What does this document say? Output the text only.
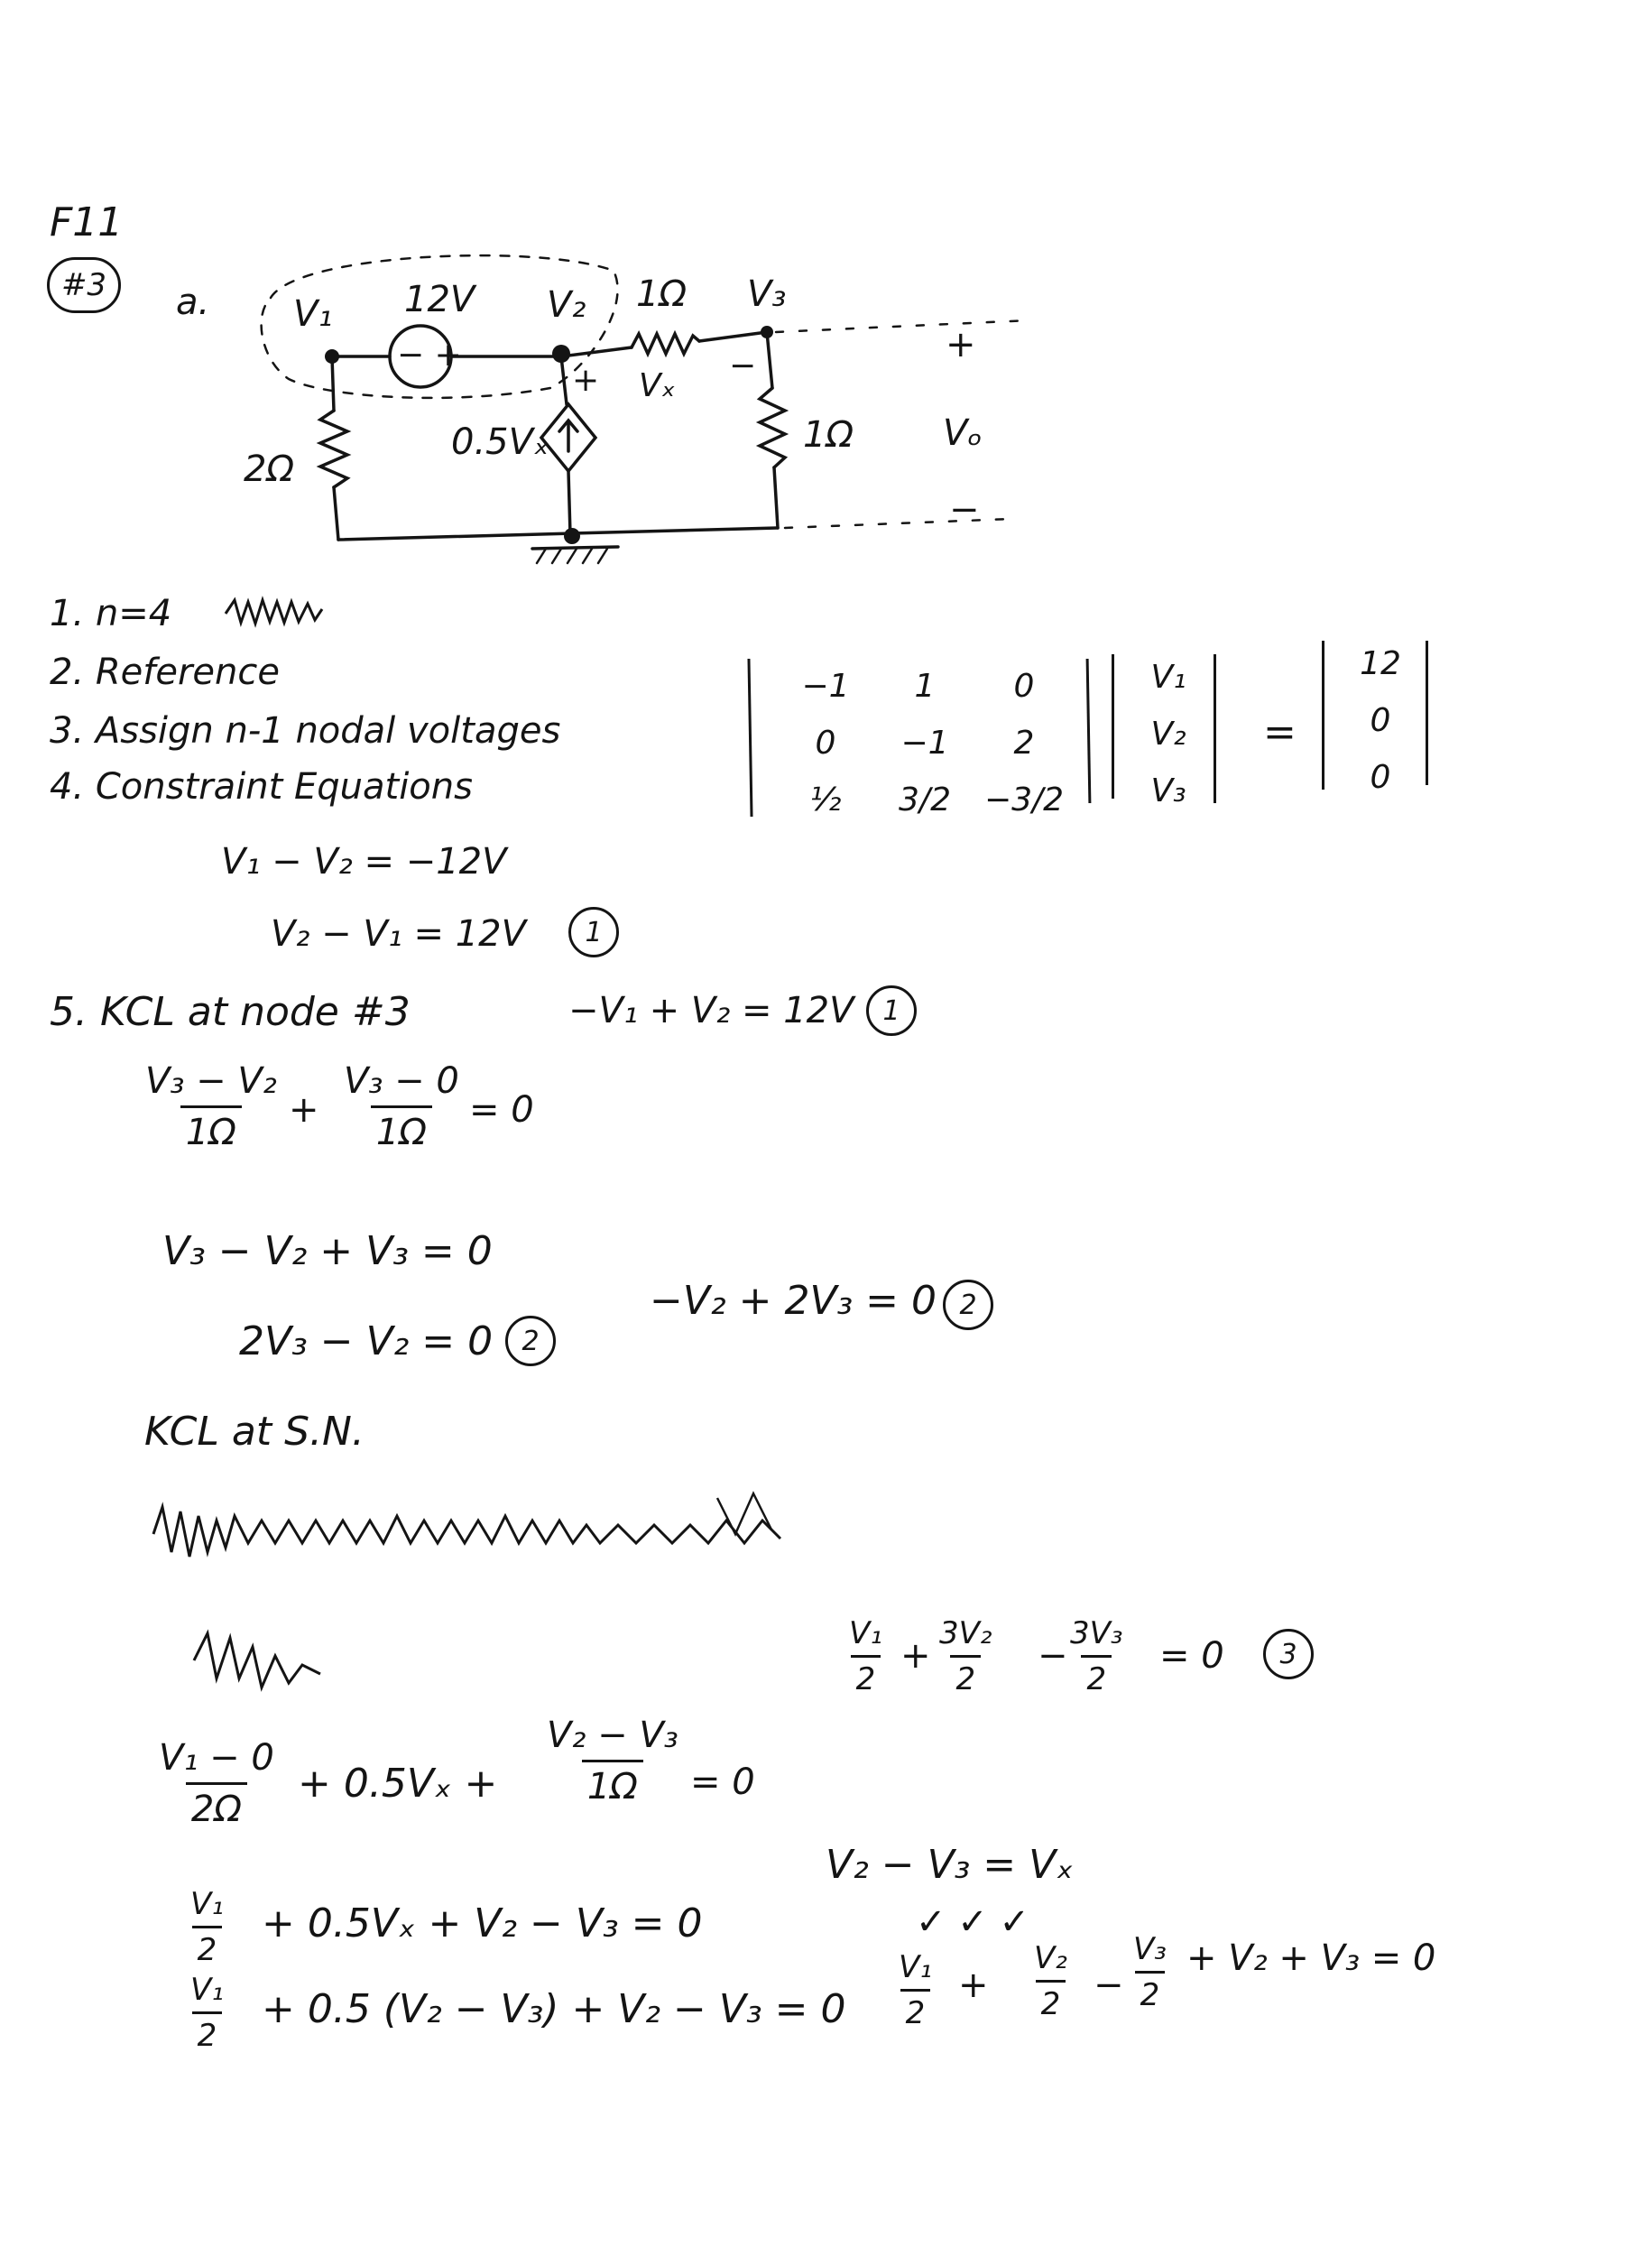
F11
#3 a. V₁ 12V
− +
V₂ 1Ω V₃
Vₓ
−
+
0.5Vₓ
2Ω
1Ω
+
Vₒ
−
1. n=4
2. Reference
3. Assign n-1 nodal voltages
4. Constraint Equations
V₁ − V₂ = −12V
V₂ − V₁ = 12V 1
5. KCL at node #3	−V₁ + V₂ = 12V 1
$\frac{\text{V₃ − V₂}}{1\Omega} + \frac{\text{V₃ − 0}}{1\Omega} = 0$
V₃ − V₂ + V₃ = 0
2V₃ − V₂ = 0 2
−V₂ + 2V₃ = 0 2
KCL at S.N.
$\frac{\text{V₁}}{2} + \frac{\text{3V₂}}{2}$ −
$\frac{\text{3V₃}}{2} = 0$ 3
$\frac{\text{V₁ − 0}}{2\Omega} + 0.5V_x + \frac{\text{V₂ − V₃}}{1\Omega} = 0$
V₂ − V₃ = Vₓ
$\frac{\text{V₁}}{2} + 0.5V_x + V_2 - V_3 = 0$	✓ ✓ ✓
$\frac{\text{V₁}}{2} + 0.5$ $(V_2 - V_3) + V_2 - V_3 = 0 \frac{\text{V₁}}{2} + \frac{\text{V₂}}{2} - \frac{\text{V₃}}{2} + V_2 + V_3 = 0$
−1	1	0
0	−1	2
½	3/2	−3/2
V₁
V₂
V₃
=
12
0
0
